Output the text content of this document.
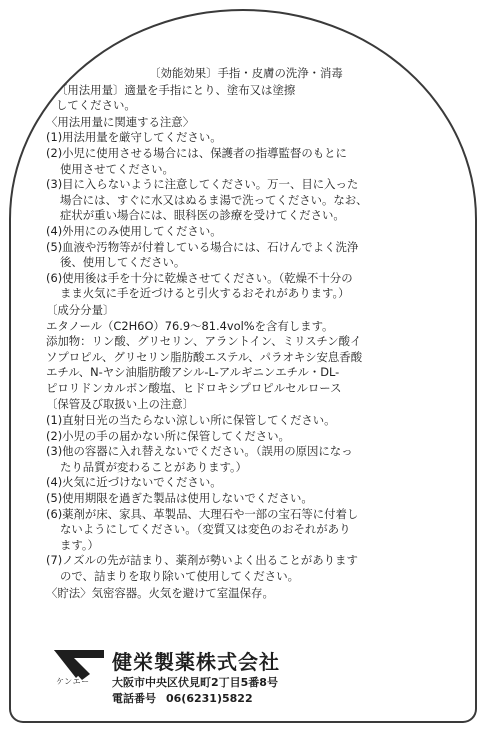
〔効能効果〕手指・皮膚の洗浄・消毒
〔用法用量〕適量を手指にとり、塗布又は塗擦
してください。
〈用法用量に関連する注意〉
(1)用法用量を厳守してください。
(2)小児に使用させる場合には、保護者の指導監督のもとに
使用させてください。
(3)目に入らないように注意してください。万一、目に入った
場合には、すぐに水又はぬるま湯で洗ってください。なお、
症状が重い場合には、眼科医の診療を受けてください。
(4)外用にのみ使用してください。
(5)血液や汚物等が付着している場合には、石けんでよく洗浄
後、使用してください。
(6)使用後は手を十分に乾燥させてください。（乾燥不十分の
まま火気に手を近づけると引火するおそれがあります。）
〔成分分量〕
エタノール（C2H6O）76.9～81.4vol%を含有します。
添加物：リン酸、グリセリン、アラントイン、ミリスチン酸イ
ソプロピル、グリセリン脂肪酸エステル、パラオキシ安息香酸
エチル、N-ヤシ油脂肪酸アシル-L-アルギニンエチル・DL-
ピロリドンカルボン酸塩、ヒドロキシプロピルセルロース
〔保管及び取扱い上の注意〕
(1)直射日光の当たらない涼しい所に保管してください。
(2)小児の手の届かない所に保管してください。
(3)他の容器に入れ替えないでください。（誤用の原因になっ
たり品質が変わることがあります。）
(4)火気に近づけないでください。
(5)使用期限を過ぎた製品は使用しないでください。
(6)薬剤が床、家具、革製品、大理石や一部の宝石等に付着し
ないようにしてください。（変質又は変色のおそれがあり
ます。）
(7)ノズルの先が詰まり、薬剤が勢いよく出ることがあります
ので、詰まりを取り除いて使用してください。
〈貯法〉気密容器。火気を避けて室温保存。
ケンエー
健栄製薬株式会社
大阪市中央区伏見町2丁目5番8号
電話番号 06(6231)5822
